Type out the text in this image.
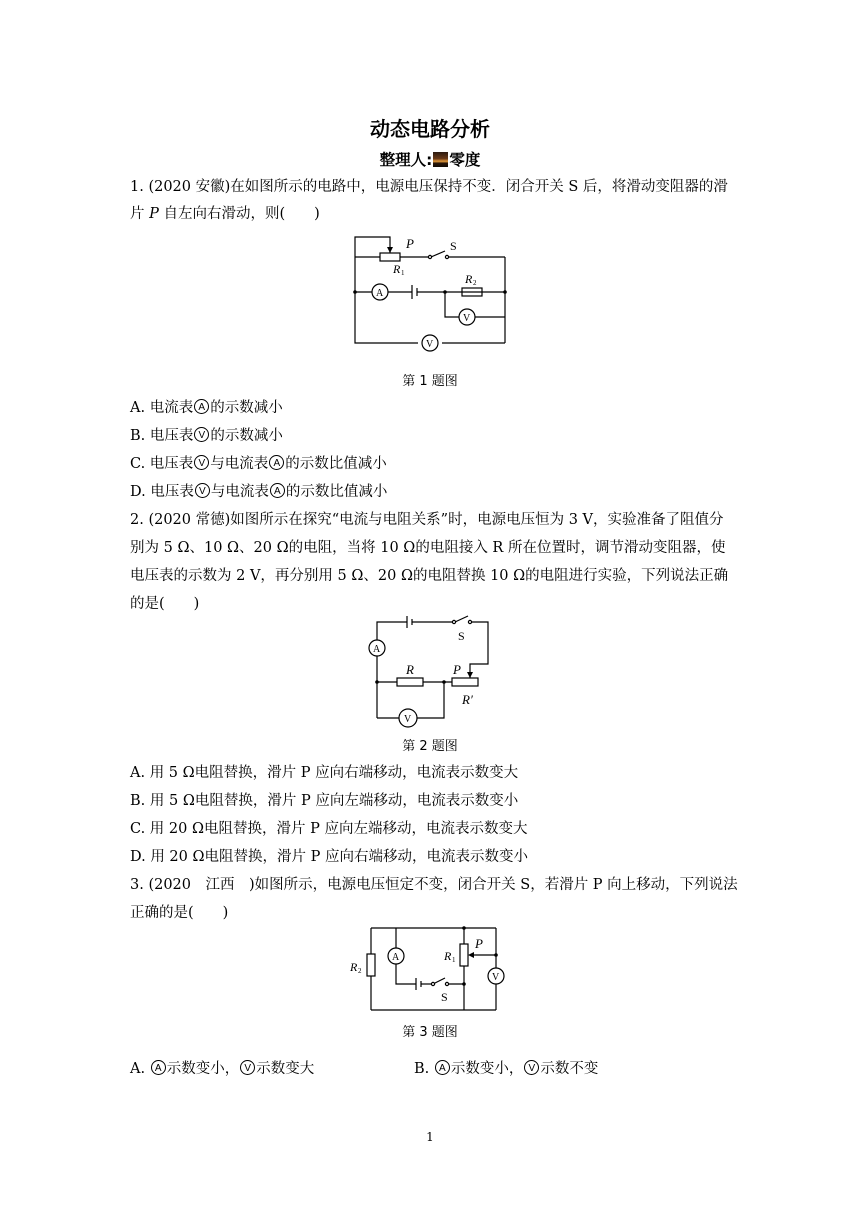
动态电路分析
整理人: 零度
1. (2020 安徽)在如图所示的电路中，电源电压保持不变．闭合开关 S 后，将滑动变阻器的滑
片 P 自左向右滑动，则(　　)
P	S
R 1	R 2
A
V
V
第 1 题图
A. 电流表 A 的示数减小
B. 电压表 V 的示数减小
C. 电压表 V 与电流表 A 的示数比值减小
D. 电压表 V 与电流表 A 的示数比值减小
2. (2020 常德)如图所示在探究“电流与电阻关系”时，电源电压恒为 3 V，实验准备了阻值分
别为 5 Ω、10 Ω、20 Ω的电阻，当将 10 Ω的电阻接入 R 所在位置时，调节滑动变阻器，使
电压表的示数为 2 V，再分别用 5 Ω、20 Ω的电阻替换 10 Ω的电阻进行实验，下列说法正确
的是(　　)
S
A
R	P
R′
V
第 2 题图
A. 用 5 Ω电阻替换，滑片 P 应向右端移动，电流表示数变大
B. 用 5 Ω电阻替换，滑片 P 应向左端移动，电流表示数变小
C. 用 20 Ω电阻替换，滑片 P 应向左端移动，电流表示数变大
D. 用 20 Ω电阻替换，滑片 P 应向右端移动，电流表示数变小
3. (2020　江西　)如图所示，电源电压恒定不变，闭合开关 S，若滑片 P 向上移动，下列说法
正确的是(　　)
R 2
A	R 1
P
V
S
第 3 题图
A. A 示数变小， V 示数变大	B. A 示数变小， V 示数不变
1
